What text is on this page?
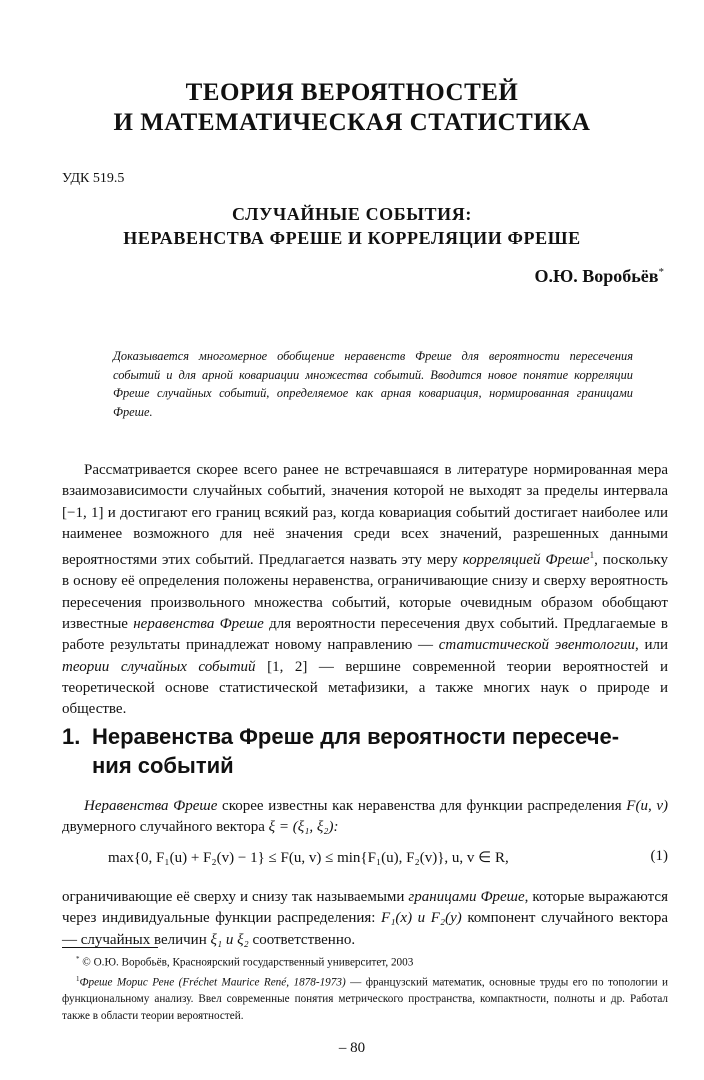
ТЕОРИЯ ВЕРОЯТНОСТЕЙ
И МАТЕМАТИЧЕСКАЯ СТАТИСТИКА
УДК 519.5
СЛУЧАЙНЫЕ СОБЫТИЯ:
НЕРАВЕНСТВА ФРЕШЕ И КОРРЕЛЯЦИИ ФРЕШЕ
О.Ю. Воробьёв*
Доказывается многомерное обобщение неравенств Фреше для вероятности пересечения событий и для арной ковариации множества событий. Вводится новое понятие корреляции Фреше случайных событий, определяемое как арная ковариация, нормированная границами Фреше.
Рассматривается скорее всего ранее не встречавшаяся в литературе нормированная мера взаимозависимости случайных событий, значения которой не выходят за пределы интервала [−1, 1] и достигают его границ всякий раз, когда ковариация событий достигает наиболее или наименее возможного для неё значения среди всех значений, разрешенных данными вероятностями этих событий. Предлагается назвать эту меру корреляцией Фреше$^1$, поскольку в основу её определения положены неравенства, ограничивающие снизу и сверху вероятность пересечения произвольного множества событий, которые очевидным образом обобщают известные неравенства Фреше для вероятности пересечения двух событий. Предлагаемые в работе результаты принадлежат новому направлению — статистической эвентологии, или теории случайных событий [1, 2] — вершине современной теории вероятностей и теоретической основе статистической метафизики, а также многих наук о природе и обществе.
1. Неравенства Фреше для вероятности пересече-
ния событий
Неравенства Фреше скорее известны как неравенства для функции распределения F(u, v) двумерного случайного вектора ξ = (ξ₁, ξ₂):
max{0, F₁(u) + F₂(v) − 1} ≤ F(u, v) ≤ min{F₁(u), F₂(v)}, u, v ∈ R,	(1)
ограничивающие её сверху и снизу так называемыми границами Фреше, которые выражаются через индивидуальные функции распределения: F₁(x) и F₂(y) компонент случайного вектора — случайных величин ξ₁ и ξ₂ соответственно.
* © О.Ю. Воробьёв, Красноярский государственный университет, 2003
$^1$Фреше Морис Рене (Fréchet Maurice René, 1878-1973) — французский математик, основные труды его по топологии и функциональному анализу. Ввел современные понятия метрического пространства, компактности, полноты и др. Работал также в области теории вероятностей.
– 80
